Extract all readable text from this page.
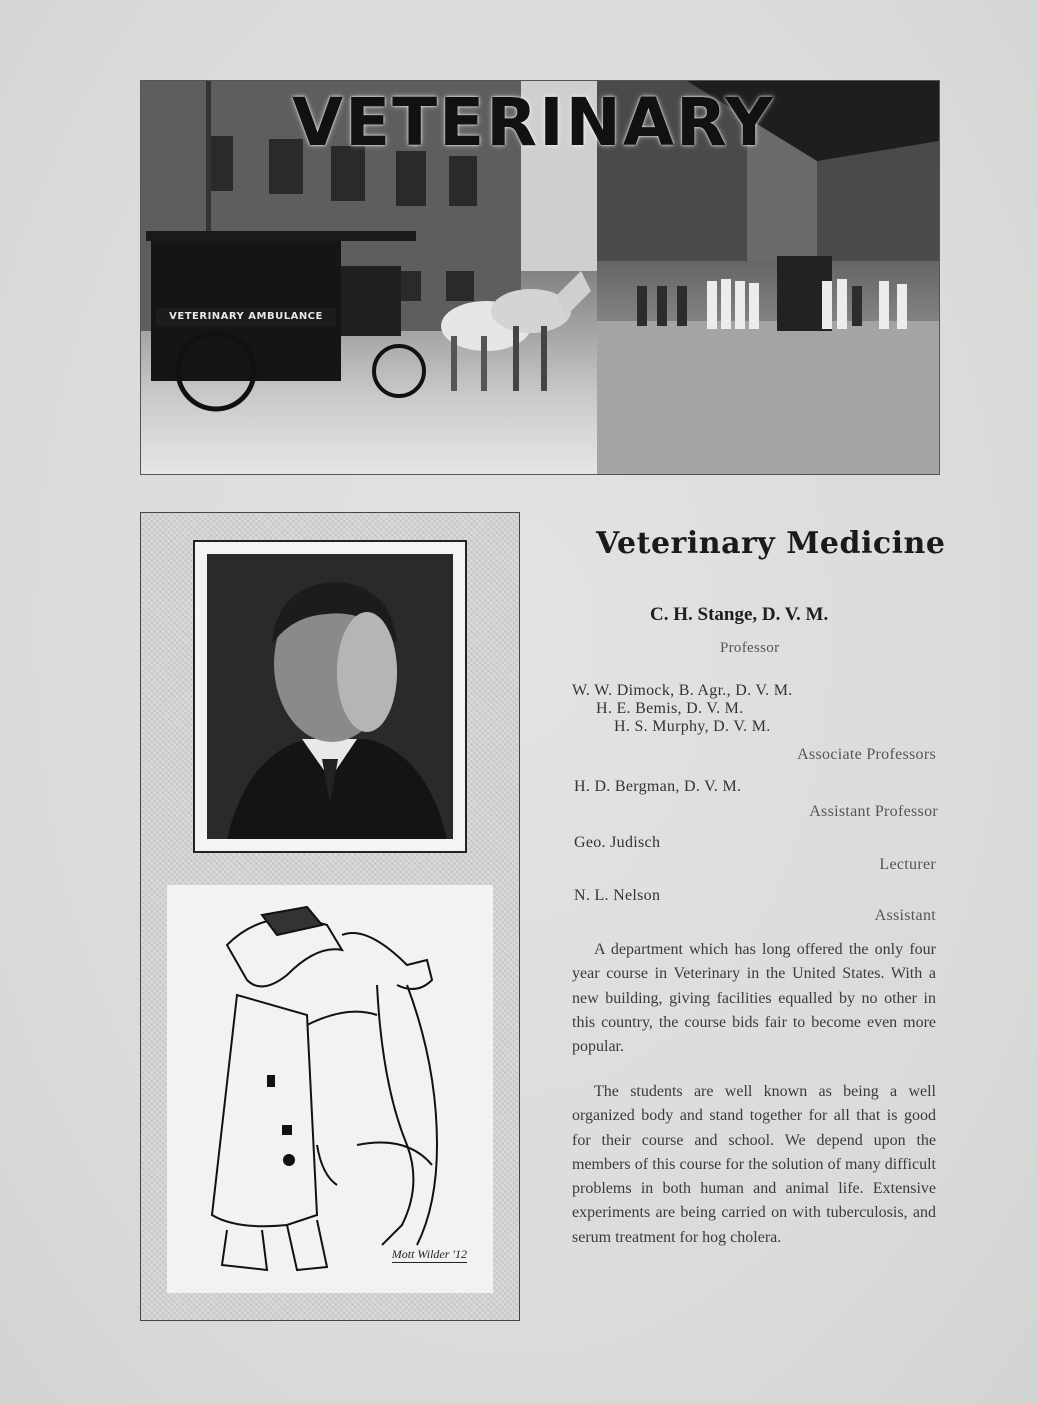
VETERINARY AMBULANCE
VETERINARY
Mott Wilder '12
Veterinary Medicine
C. H. Stange, D. V. M.
Professor
W. W. Dimock, B. Agr., D. V. M.
H. E. Bemis, D. V. M.
H. S. Murphy, D. V. M.
Associate Professors
H. D. Bergman, D. V. M.
Assistant Professor
Geo. Judisch
Lecturer
N. L. Nelson
Assistant

A department which has long offered the only four year course in Veterinary in the United States. With a new building, giving facilities equalled by no other in this country, the course bids fair to become even more popular.

The students are well known as being a well organized body and stand together for all that is good for their course and school. We depend upon the members of this course for the solution of many difficult problems in both human and animal life. Extensive experiments are being carried on with tuberculosis, and serum treatment for hog cholera.
